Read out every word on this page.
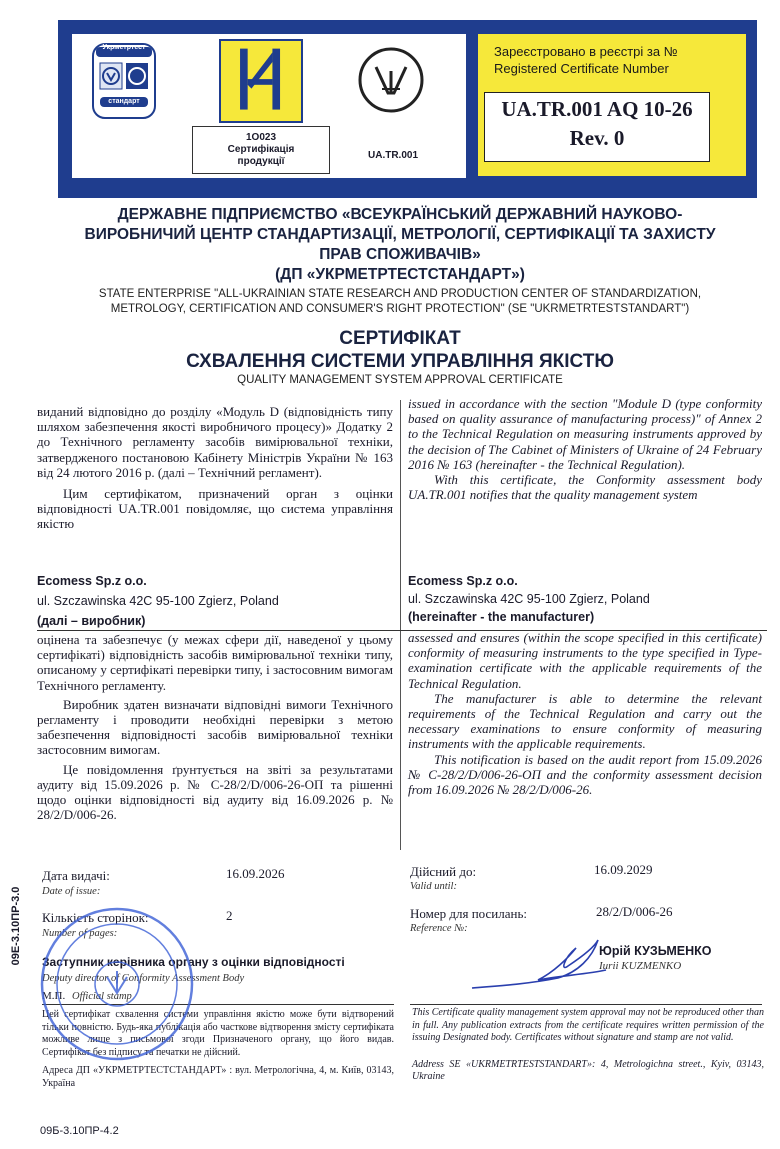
Укрметртест
стандарт
1O023
Сертифікація
продукції
UA.TR.001
Зареєстровано в реєстрі за №
Registered Certificate Number
UA.TR.001 AQ 10-26
Rev. 0
ДЕРЖАВНЕ ПІДПРИЄМСТВО «ВСЕУКРАЇНСЬКИЙ ДЕРЖАВНИЙ НАУКОВО-
ВИРОБНИЧИЙ ЦЕНТР СТАНДАРТИЗАЦІЇ, МЕТРОЛОГІЇ, СЕРТИФІКАЦІЇ ТА ЗАХИСТУ
ПРАВ СПОЖИВАЧІВ»
(ДП «УКРМЕТРТЕСТСТАНДАРТ»)
STATE ENTERPRISE "ALL-UKRAINIAN STATE RESEARCH AND PRODUCTION CENTER OF STANDARDIZATION,
METROLOGY, CERTIFICATION AND CONSUMER'S RIGHT PROTECTION" (SE "UKRMETRTESTSTANDART")
СЕРТИФІКАТ
СХВАЛЕННЯ СИСТЕМИ УПРАВЛІННЯ ЯКІСТЮ
QUALITY MANAGEMENT SYSTEM APPROVAL CERTIFICATE
виданий відповідно до розділу «Модуль D (відповідність типу шляхом забезпечення якості виробничого процесу)» Додатку 2 до Технічного регламенту засобів вимірювальної техніки, затвердженого постановою Кабінету Міністрів України № 163 від 24 лютого 2016 р. (далі – Технічний регламент).
Цим сертифікатом, призначений орган з оцінки відповідності UA.TR.001 повідомляє, що система управління якістю
Ecomess Sp.z o.o.
ul. Szczawinska 42C 95-100 Zgierz, Poland
(далі – виробник)
issued in accordance with the section "Module D (type conformity based on quality assurance of manufacturing process)" of Annex 2 to the Technical Regulation on measuring instruments approved by the decision of The Cabinet of Ministers of Ukraine of 24 February 2016 № 163 (hereinafter - the Technical Regulation).
With this certificate, the Conformity assessment body UA.TR.001 notifies that the quality management system
Ecomess Sp.z o.o.
ul. Szczawinska 42C 95-100 Zgierz, Poland
(hereinafter - the manufacturer)
оцінена та забезпечує (у межах сфери дії, наведеної у цьому сертифікаті) відповідність засобів вимірювальної техніки типу, описаному у сертифікаті перевірки типу, і застосовним вимогам Технічного регламенту.
Виробник здатен визначати відповідні вимоги Технічного регламенту і проводити необхідні перевірки з метою забезпечення відповідності засобів вимірювальної техніки застосовним вимогам.
Це повідомлення ґрунтується на звіті за результатами аудиту від 15.09.2026 р. № С-28/2/D/006-26-ОП та рішенні щодо оцінки відповідності від аудиту від 16.09.2026 р. № 28/2/D/006-26.
assessed and ensures (within the scope specified in this certificate) conformity of measuring instruments to the type specified in Type-examination certificate with the applicable requirements of the Technical Regulation.
The manufacturer is able to determine the relevant requirements of the Technical Regulation and carry out the necessary examinations to ensure conformity of measuring instruments with the applicable requirements.
This notification is based on the audit report from 15.09.2026 № C-28/2/D/006-26-ОП and the conformity assessment decision from 16.09.2026 № 28/2/D/006-26.
Дата видачі:
Date of issue:
16.09.2026	Дійсний до:
Valid until:
16.09.2029
Кількість сторінок:
Number of pages:
2	Номер для посилань:
Reference №:
28/2/D/006-26
Заступник керівника органу з оцінки відповідності
Deputy director of Conformity Assessment Body
М.П. Official stamp
Юрій КУЗЬМЕНКО
Iurii KUZMENKO
Цей сертифікат схвалення системи управління якістю може бути відтворений тільки повністю. Будь-яка публікація або часткове відтворення змісту сертифіката можливе лише з письмової згоди Призначеного органу, що його видав. Сертифікат без підпису та печатки не дійсний.
Адреса ДП «УКРМЕТРТЕСТСТАНДАРТ» : вул. Метрологічна, 4, м. Київ, 03143, Україна
This Certificate quality management system approval may not be reproduced other than in full. Any publication extracts from the certificate requires written permission of the issuing Designated body. Certificates without signature and stamp are not valid.
Address SE «UKRMETRTESTSTANDART»: 4, Metrologichna street., Kyiv, 03143, Ukraine
09Е-3.10ПР-3.0
09Б-3.10ПР-4.2
